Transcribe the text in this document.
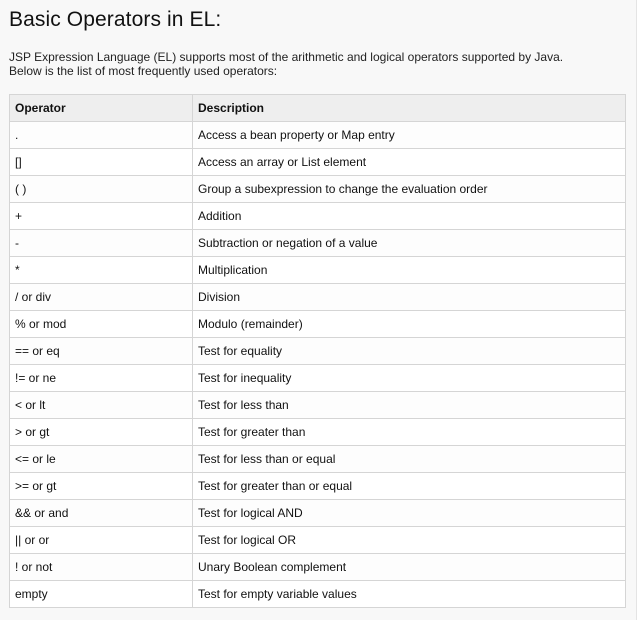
Basic Operators in EL:

JSP Expression Language (EL) supports most of the arithmetic and logical operators supported by Java.
Below is the list of most frequently used operators:

Operator	Description
.	Access a bean property or Map entry
[]	Access an array or List element
( )	Group a subexpression to change the evaluation order
+	Addition
-	Subtraction or negation of a value
*	Multiplication
/ or div	Division
% or mod	Modulo (remainder)
== or eq	Test for equality
!= or ne	Test for inequality
< or lt	Test for less than
> or gt	Test for greater than
<= or le	Test for less than or equal
>= or gt	Test for greater than or equal
&& or and	Test for logical AND
|| or or	Test for logical OR
! or not	Unary Boolean complement
empty	Test for empty variable values
